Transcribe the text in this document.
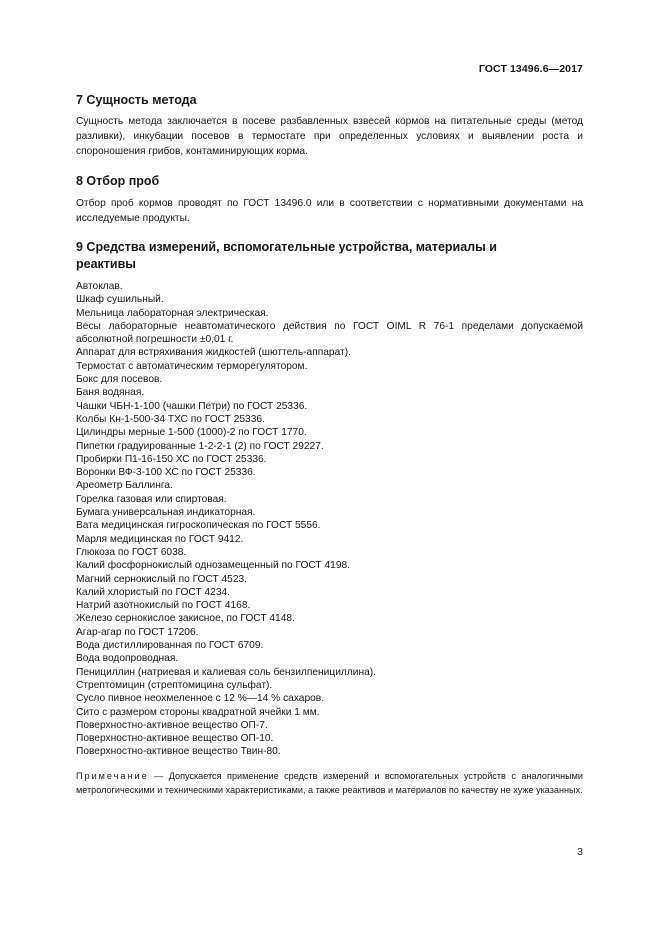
ГОСТ 13496.6—2017
7 Сущность метода

Сущность метода заключается в посеве разбавленных взвесей кормов на питательные среды (метод разливки), инкубации посевов в термостате при определенных условиях и выявлении роста и спороношения грибов, контаминирующих корма.

8 Отбор проб

Отбор проб кормов проводят по ГОСТ 13496.0 или в соответствии с нормативными документами на исследуемые продукты.

9 Средства измерений, вспомогательные устройства, материалы и реактивы
Автоклав.
Шкаф сушильный.
Мельница лабораторная электрическая.
Весы лабораторные неавтоматического действия по ГОСТ OIML R 76-1 пределами допускаемой абсолютной погрешности ±0,01 г.
Аппарат для встряхивания жидкостей (шюттель-аппарат).
Термостат с автоматическим терморегулятором.
Бокс для посевов.
Баня водяная.
Чашки ЧБН-1-100 (чашки Петри) по ГОСТ 25336.
Колбы Кн-1-500-34 ТХС по ГОСТ 25336.
Цилиндры мерные 1-500 (1000)-2 по ГОСТ 1770.
Пипетки градуированные 1-2-2-1 (2) по ГОСТ 29227.
Пробирки П1-16-150 ХС по ГОСТ 25336.
Воронки ВФ-3-100 ХС по ГОСТ 25336.
Ареометр Баллинга.
Горелка газовая или спиртовая.
Бумага универсальная индикаторная.
Вата медицинская гигроскопическая по ГОСТ 5556.
Марля медицинская по ГОСТ 9412.
Глюкоза по ГОСТ 6038.
Калий фосфорнокислый однозамещенный по ГОСТ 4198.
Магний сернокислый по ГОСТ 4523.
Калий хлористый по ГОСТ 4234.
Натрий азотнокислый по ГОСТ 4168.
Железо сернокислое закисное, по ГОСТ 4148.
Агар-агар по ГОСТ 17206.
Вода дистиллированная по ГОСТ 6709.
Вода водопроводная.
Пенициллин (натриевая и калиевая соль бензилпенициллина).
Стрептомицин (стрептомицина сульфат).
Сусло пивное неохмеленное с 12 %—14 % сахаров.
Сито с размером стороны квадратной ячейки 1 мм.
Поверхностно-активное вещество ОП-7.
Поверхностно-активное вещество ОП-10.
Поверхностно-активное вещество Твин-80.

Примечание — Допускается применение средств измерений и вспомогательных устройств с аналогичными метрологическими и техническими характеристиками, а также реактивов и материалов по качеству не хуже указанных.

3
